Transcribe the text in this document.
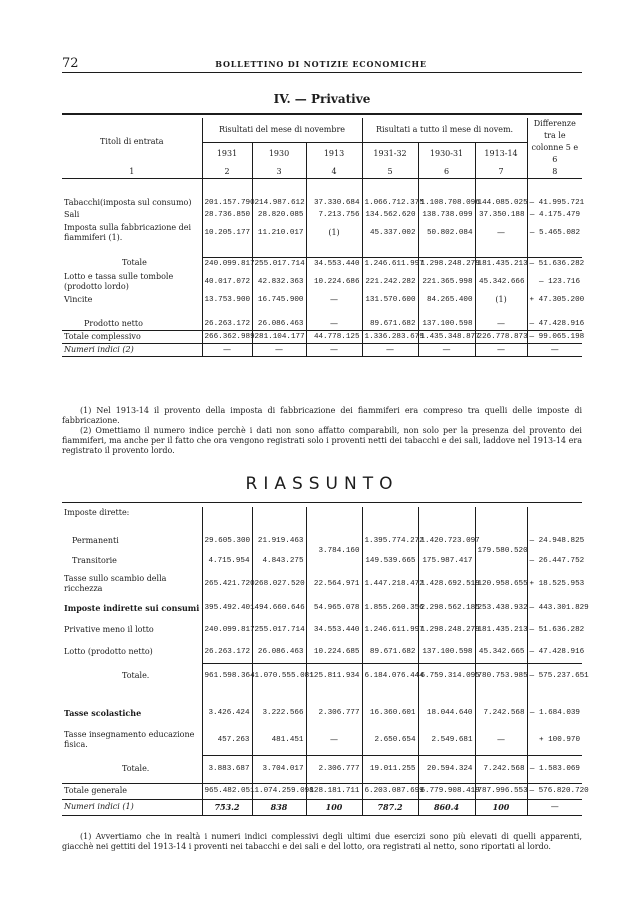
72	BOLLETTINO DI NOTIZIE ECONOMICHE
IV. — Privative
Titoli di entrata	Risultati del mese di novembre			Risultati a tutto il mese di novem.			Differenze tra le colonne 5 e 6
	1931	1930	1913	1931-32	1930-31	1913-14	
1	2	3	4	5	6	7	8

Tabacchi(imposta sul consumo)	201.157.790	214.987.612	37.330.684	1.066.712.375	1.108.708.096	144.085.025	— 41.995.721
Sali	28.736.850	28.820.085	7.213.756	134.562.620	138.738.099	37.350.188	— 4.175.479
Imposta sulla fabbricazione dei fiammiferi (1).	10.205.177	11.210.017	(1)	45.337.002	50.802.084	—	— 5.465.082

Totale	240.099.817	255.017.714	34.553.440	1.246.611.997	1.298.248.279	181.435.213	— 51.636.282
Lotto e tassa sulle tombole (prodotto lordo)	40.017.072	42.832.363	10.224.686	221.242.282	221.365.998	45.342.666	— 123.716
Vincite	13.753.900	16.745.900	—	131.570.600	84.265.400	(1)	+ 47.305.200

Prodotto netto	26.263.172	26.086.463	—	89.671.682	137.100.598	—	— 47.428.916
Totale complessivo	266.362.989	281.104.177	44.778.125	1.336.283.679	1.435.348.877	226.778.873	— 99.065.198
Numeri indici (2)	—	—	—	—	—	—	—
(1) Nel 1913-14 il provento della imposta di fabbricazione dei fiammiferi era compreso tra quelli delle imposte di fabbricazione.
(2) Omettiamo il numero indice perchè i dati non sono affatto comparabili, non solo per la presenza del provento dei fiammiferi, ma anche per il fatto che ora vengono registrati solo i proventi netti dei tabacchi e dei sali, laddove nel 1913-14 era registrato il provento lordo.
RIASSUNTO
Imposte dirette:							

Permanenti	29.605.300	21.919.463	3.784.160	1.395.774.272	1.420.723.097	179.580.520	— 24.948.825
Transitorie	4.715.954	4.843.275		149.539.665	175.987.417		— 26.447.752
Tasse sullo scambio della ricchezza	265.421.720	268.027.520	22.564.971	1.447.218.472	1.428.692.519	120.958.655	+ 18.525.953
Imposte indirette sui consumi	395.492.401	494.660.646	54.965.078	1.855.260.356	2.298.562.185	253.438.932	— 443.301.829
Privative meno il lotto	240.099.817	255.017.714	34.553.440	1.246.611.997	1.298.248.279	181.435.213	— 51.636.282
Lotto (prodotto netto)	26.263.172	26.086.463	10.224.685	89.671.682	137.100.598	45.342.665	— 47.428.916
Totale.	961.598.364	1.070.555.081	125.811.934	6.184.076.444	6.759.314.095	780.753.985	— 575.237.651

Tasse scolastiche	3.426.424	3.222.566	2.306.777	16.360.601	18.044.640	7.242.568	— 1.684.039
Tasse insegnamento educazione fisica.	457.263	481.451	—	2.650.654	2.549.681	—	+ 100.970
Totale.	3.883.687	3.704.017	2.306.777	19.011.255	20.594.324	7.242.568	— 1.583.069
Totale generale	965.482.051	1.074.259.098	128.181.711	6.203.087.699	6.779.908.419	787.996.553	— 576.820.720
Numeri indici (1)	753.2	838	100	787.2	860.4	100	—
(1) Avvertiamo che in realtà i numeri indici complessivi degli ultimi due esercizi sono più elevati di quelli apparenti, giacchè nei gettiti del 1913-14 i proventi nei tabacchi e dei sali e del lotto, ora registrati al netto, sono riportati al lordo.
